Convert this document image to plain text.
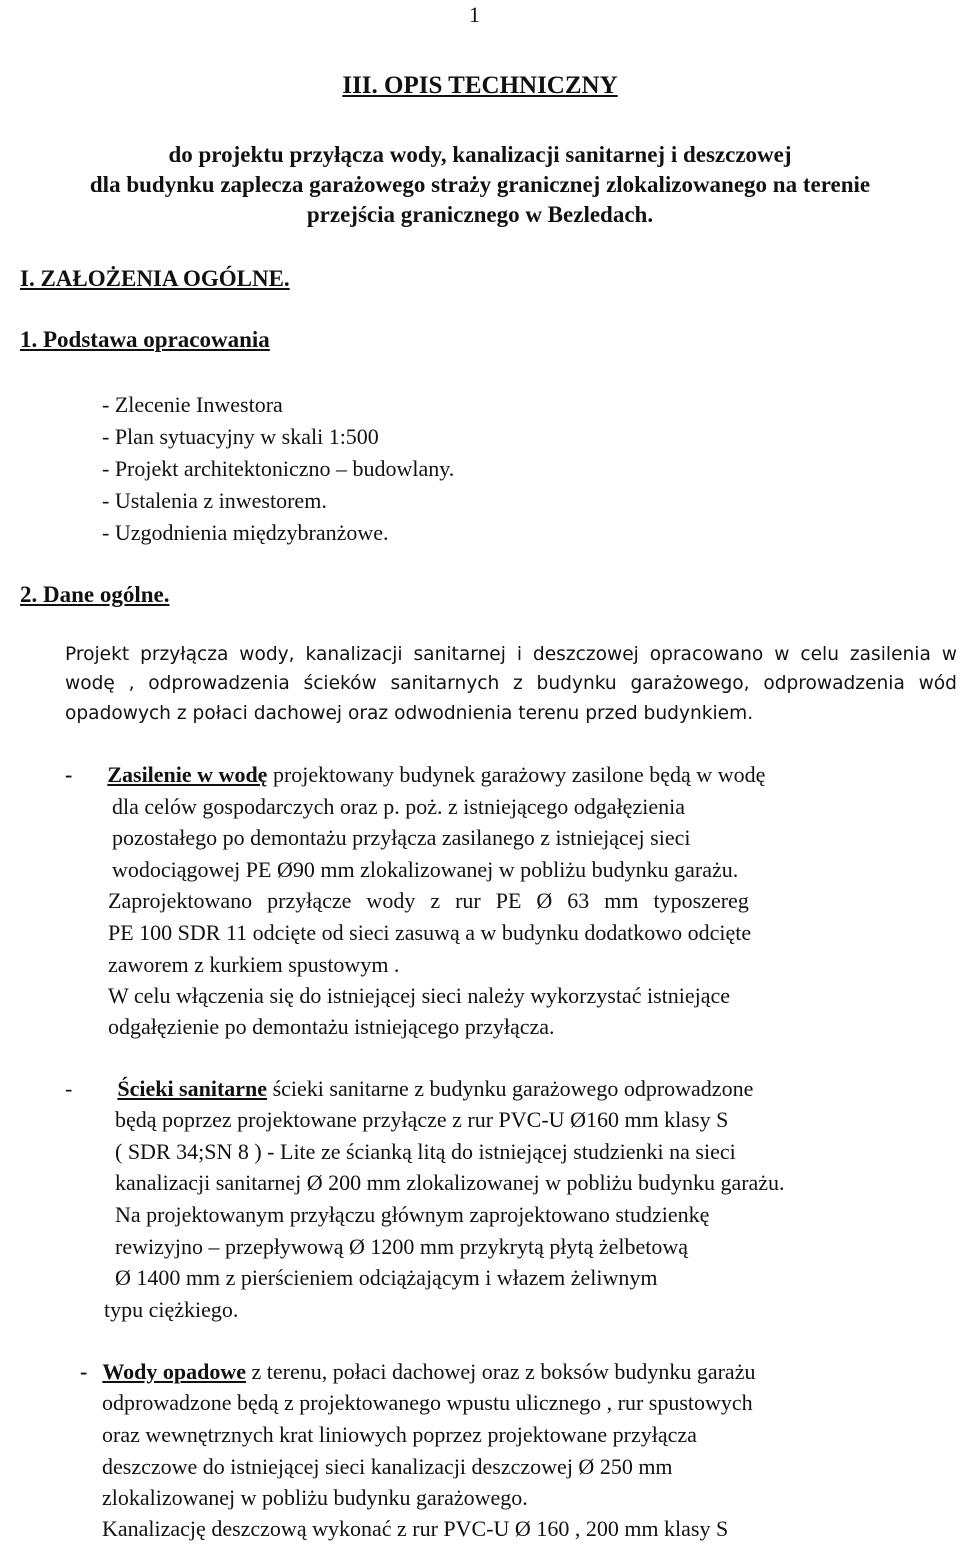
1
III. OPIS TECHNICZNY
do projektu przyłącza wody, kanalizacji sanitarnej i deszczowej
dla budynku zaplecza garażowego straży granicznej zlokalizowanego na terenie
przejścia granicznego w Bezledach.
I. ZAŁOŻENIA OGÓLNE.
1. Podstawa opracowania
- Zlecenie Inwestora
- Plan sytuacyjny w skali 1:500
- Projekt architektoniczno – budowlany.
- Ustalenia z inwestorem.
- Uzgodnienia międzybranżowe.
2. Dane ogólne.
Projekt przyłącza wody, kanalizacji sanitarnej i deszczowej opracowano w celu zasilenia w wodę , odprowadzenia ścieków sanitarnych z budynku garażowego, odprowadzenia wód opadowych z połaci dachowej oraz odwodnienia terenu przed budynkiem.
- Zasilenie w wodę projektowany budynek garażowy zasilone będą w wodę
dla celów gospodarczych oraz p. poż. z istniejącego odgałęzienia
pozostałego po demontażu przyłącza zasilanego z istniejącej sieci
wodociągowej PE Ø90 mm zlokalizowanej w pobliżu budynku garażu.
Zaprojektowano  przyłącze  wody  z  rur  PE  Ø  63  mm  typoszereg
PE 100 SDR 11 odcięte od sieci zasuwą a w budynku dodatkowo odcięte
zaworem z kurkiem spustowym .
W celu włączenia się do istniejącej sieci należy wykorzystać istniejące
odgałęzienie po demontażu istniejącego przyłącza.
- Ścieki sanitarne ścieki sanitarne z budynku garażowego odprowadzone
będą poprzez projektowane przyłącze z rur PVC-U Ø160 mm klasy S
( SDR 34;SN 8 ) - Lite ze ścianką litą do istniejącej studzienki na sieci
kanalizacji sanitarnej Ø 200 mm zlokalizowanej w pobliżu budynku garażu.
Na projektowanym przyłączu głównym zaprojektowano studzienkę
rewizyjno – przepływową Ø 1200 mm przykrytą płytą żelbetową
Ø 1400 mm z pierścieniem odciążającym i włazem żeliwnym
typu ciężkiego.
- Wody opadowe z terenu, połaci dachowej oraz z boksów budynku garażu
odprowadzone będą z projektowanego wpustu ulicznego , rur spustowych
oraz wewnętrznych krat liniowych poprzez projektowane przyłącza
deszczowe do istniejącej sieci kanalizacji deszczowej Ø 250 mm
zlokalizowanej w pobliżu budynku garażowego.
Kanalizację deszczową wykonać z rur PVC-U Ø 160 , 200 mm klasy S
